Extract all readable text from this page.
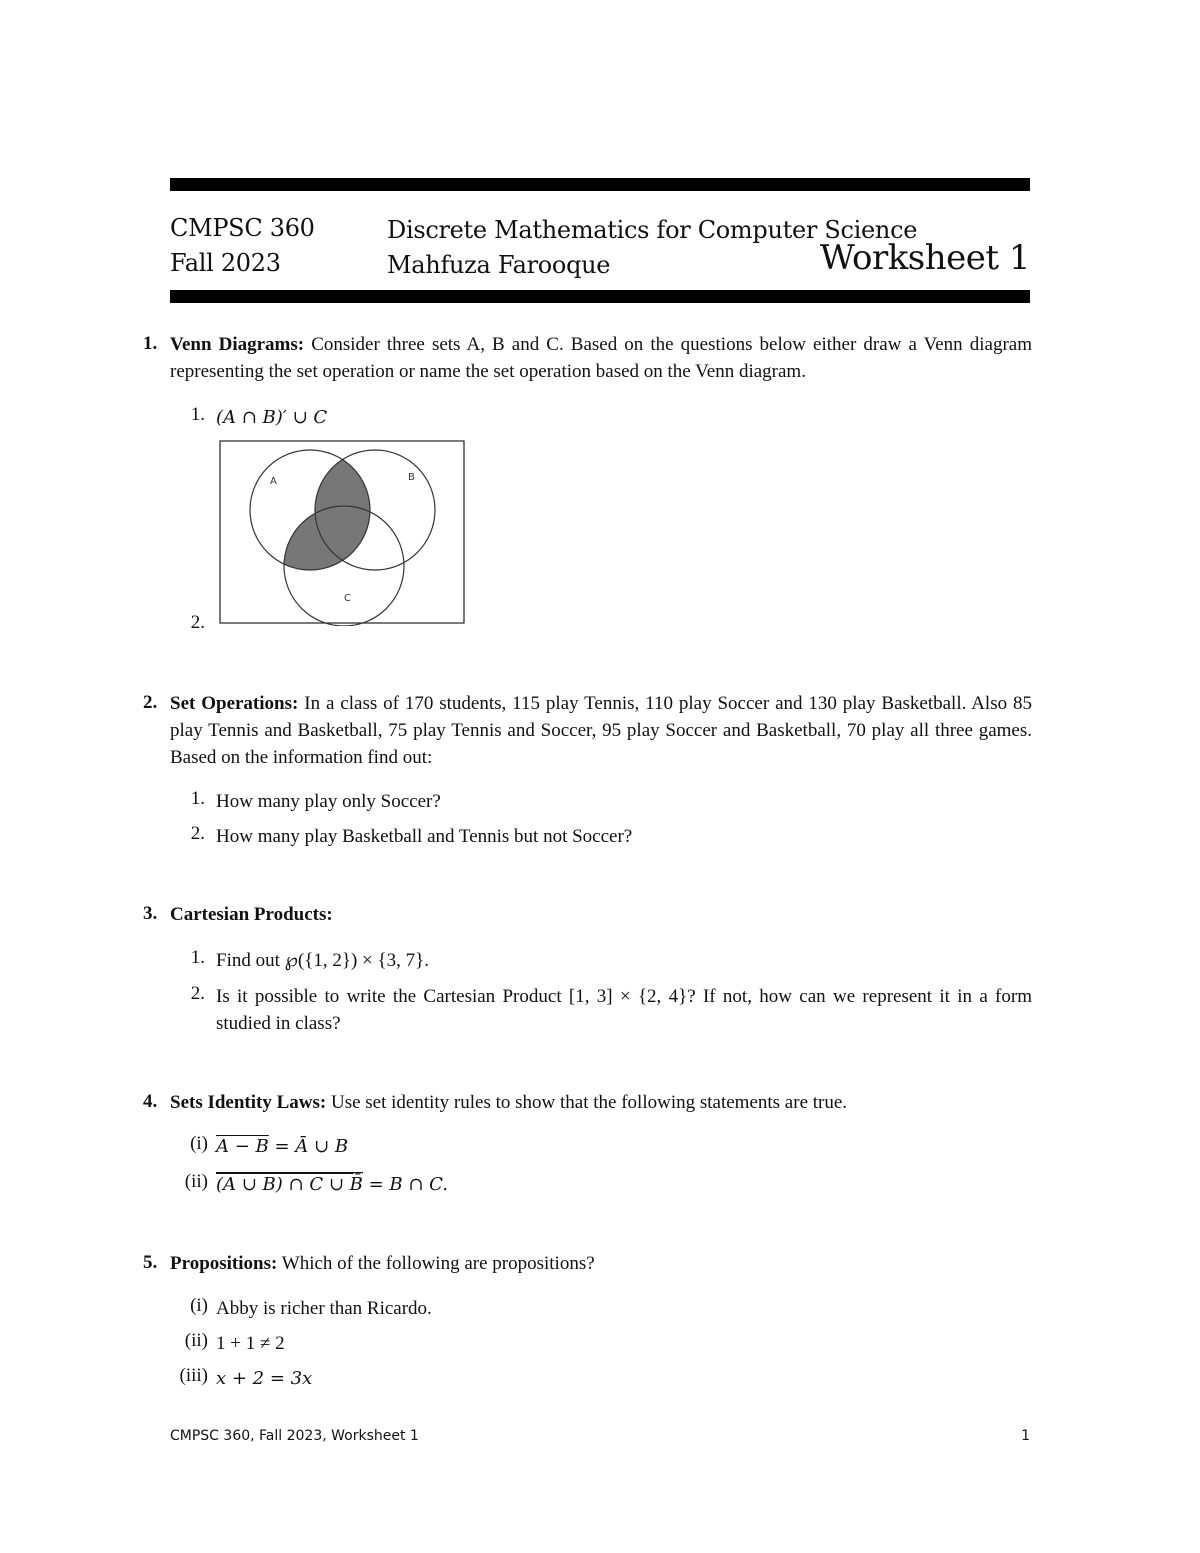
CMPSC 360
Fall 2023
Discrete Mathematics for Computer Science
Mahfuza Farooque	Worksheet 1
1. Venn Diagrams: Consider three sets A, B and C. Based on the questions below either draw a Venn diagram representing the set operation or name the set operation based on the Venn diagram.
1. (A ∩ B)′ ∪ C
A	B
C
2.
2. Set Operations: In a class of 170 students, 115 play Tennis, 110 play Soccer and 130 play Basketball. Also 85 play Tennis and Basketball, 75 play Tennis and Soccer, 95 play Soccer and Basketball, 70 play all three games. Based on the information find out:
1. How many play only Soccer?
2. How many play Basketball and Tennis but not Soccer?
3. Cartesian Products:
1. Find out ℘({1, 2}) × {3, 7}.
2. Is it possible to write the Cartesian Product [1, 3] × {2, 4}? If not, how can we represent it in a form studied in class?
4. Sets Identity Laws: Use set identity rules to show that the following statements are true.
(i) A − B = Ā ∪ B
(ii) (A ∪ B) ∩ C ∪ B̄ = B ∩ C.
5. Propositions: Which of the following are propositions?
(i) Abby is richer than Ricardo.
(ii) 1 + 1 ≠ 2
(iii) x + 2 = 3x
CMPSC 360, Fall 2023, Worksheet 1	1
